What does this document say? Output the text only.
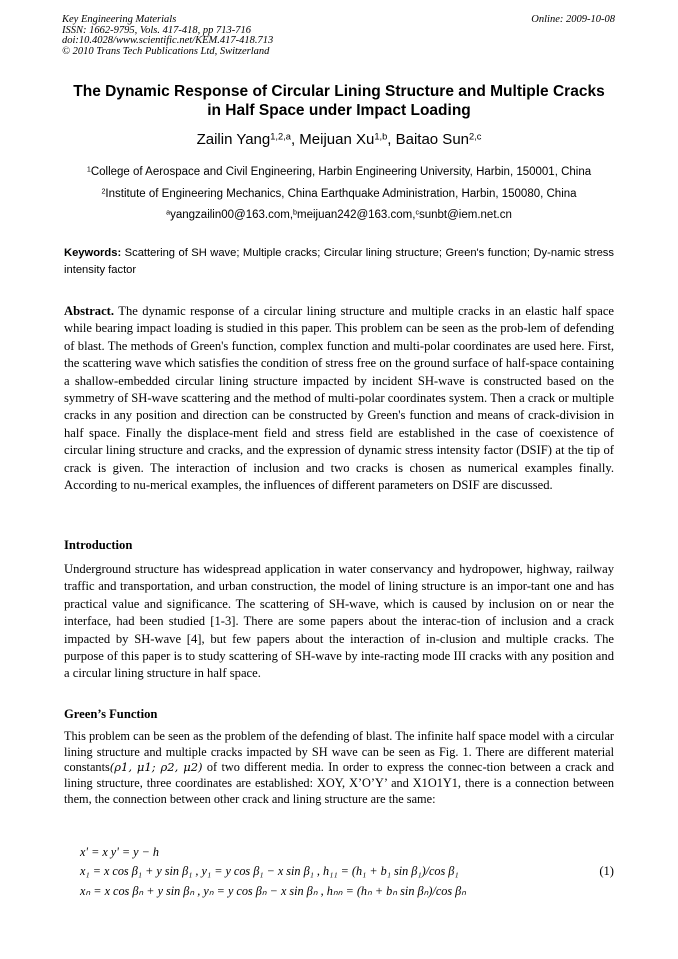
Key Engineering Materials
ISSN: 1662-9795, Vols. 417-418, pp 713-716
doi:10.4028/www.scientific.net/KEM.417-418.713
© 2010 Trans Tech Publications Ltd, Switzerland
Online: 2009-10-08
The Dynamic Response of Circular Lining Structure and Multiple Cracks
in Half Space under Impact Loading
Zailin Yang$^{1,2,a}$, Meijuan Xu$^{1,b}$, Baitao Sun$^{2,c}$
$^1$College of Aerospace and Civil Engineering, Harbin Engineering University, Harbin, 150001, China
$^2$Institute of Engineering Mechanics, China Earthquake Administration, Harbin, 150080, China
$^a$yangzailin00@163.com,$^b$meijuan242@163.com,$^c$sunbt@iem.net.cn
Keywords: Scattering of SH wave; Multiple cracks; Circular lining structure; Green's function; Dy-namic stress intensity factor
Abstract. The dynamic response of a circular lining structure and multiple cracks in an elastic half space while bearing impact loading is studied in this paper. This problem can be seen as the prob-lem of defending of blast. The methods of Green's function, complex function and multi-polar coordinates are used here. First, the scattering wave which satisfies the condition of stress free on the ground surface of half-space containing a shallow-embedded circular lining structure impacted by incident SH-wave is constructed based on the symmetry of SH-wave scattering and the method of multi-polar coordinates system. Then a crack or multiple cracks in any position and direction can be constructed by Green's function and means of crack-division in half space. Finally the displace-ment field and stress field are established in the case of coexistence of circular lining structure and cracks, and the expression of dynamic stress intensity factor (DSIF) at the tip of crack is given. The interaction of inclusion and two cracks is chosen as numerical examples finally. According to nu-merical examples, the influences of different parameters on DSIF are discussed.
Introduction
Underground structure has widespread application in water conservancy and hydropower, highway, railway traffic and transportation, and urban construction, the model of lining structure is an impor-tant one and has practical value and significance. The scattering of SH-wave, which is caused by inclusion on or near the interface, had been studied [1-3]. There are some papers about the interac-tion of inclusion and a crack impacted by SH-wave [4], but few papers about the interaction of in-clusion and multiple cracks. The purpose of this paper is to study scattering of SH-wave by inte-racting mode III cracks with any position and a circular lining structure in half space.
Green’s Function
This problem can be seen as the problem of the defending of blast. The infinite half space model with a circular lining structure and multiple cracks impacted by SH wave can be seen as Fig. 1. There are different material constants(ρ1, μ1; ρ2, μ2) of two different media. In order to express the connec-tion between a crack and lining structure, three coordinates are established: XOY, X’O’Y’ and X1O1Y1, there is a connection between them, the connection between other crack and lining structure are the same:
x' = x y' = y − h
x₁ = x cos β₁ + y sin β₁ , y₁ = y cos β₁ − x sin β₁ , h₁₁ = (h₁ + b₁ sin β₁)/cos β₁	(1)
xₙ = x cos βₙ + y sin βₙ , yₙ = y cos βₙ − x sin βₙ , hₙₙ = (hₙ + bₙ sin βₙ)/cos βₙ
